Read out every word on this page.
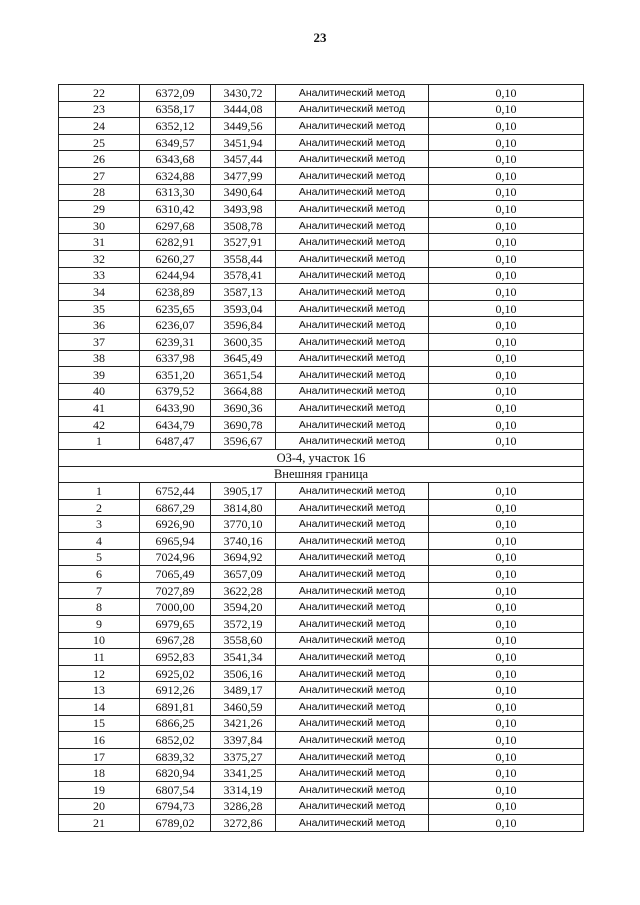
23
22	6372,09	3430,72	Аналитический метод	0,10
23	6358,17	3444,08	Аналитический метод	0,10
24	6352,12	3449,56	Аналитический метод	0,10
25	6349,57	3451,94	Аналитический метод	0,10
26	6343,68	3457,44	Аналитический метод	0,10
27	6324,88	3477,99	Аналитический метод	0,10
28	6313,30	3490,64	Аналитический метод	0,10
29	6310,42	3493,98	Аналитический метод	0,10
30	6297,68	3508,78	Аналитический метод	0,10
31	6282,91	3527,91	Аналитический метод	0,10
32	6260,27	3558,44	Аналитический метод	0,10
33	6244,94	3578,41	Аналитический метод	0,10
34	6238,89	3587,13	Аналитический метод	0,10
35	6235,65	3593,04	Аналитический метод	0,10
36	6236,07	3596,84	Аналитический метод	0,10
37	6239,31	3600,35	Аналитический метод	0,10
38	6337,98	3645,49	Аналитический метод	0,10
39	6351,20	3651,54	Аналитический метод	0,10
40	6379,52	3664,88	Аналитический метод	0,10
41	6433,90	3690,36	Аналитический метод	0,10
42	6434,79	3690,78	Аналитический метод	0,10
1	6487,47	3596,67	Аналитический метод	0,10
ОЗ-4, участок 16				
Внешняя граница				
1	6752,44	3905,17	Аналитический метод	0,10
2	6867,29	3814,80	Аналитический метод	0,10
3	6926,90	3770,10	Аналитический метод	0,10
4	6965,94	3740,16	Аналитический метод	0,10
5	7024,96	3694,92	Аналитический метод	0,10
6	7065,49	3657,09	Аналитический метод	0,10
7	7027,89	3622,28	Аналитический метод	0,10
8	7000,00	3594,20	Аналитический метод	0,10
9	6979,65	3572,19	Аналитический метод	0,10
10	6967,28	3558,60	Аналитический метод	0,10
11	6952,83	3541,34	Аналитический метод	0,10
12	6925,02	3506,16	Аналитический метод	0,10
13	6912,26	3489,17	Аналитический метод	0,10
14	6891,81	3460,59	Аналитический метод	0,10
15	6866,25	3421,26	Аналитический метод	0,10
16	6852,02	3397,84	Аналитический метод	0,10
17	6839,32	3375,27	Аналитический метод	0,10
18	6820,94	3341,25	Аналитический метод	0,10
19	6807,54	3314,19	Аналитический метод	0,10
20	6794,73	3286,28	Аналитический метод	0,10
21	6789,02	3272,86	Аналитический метод	0,10
